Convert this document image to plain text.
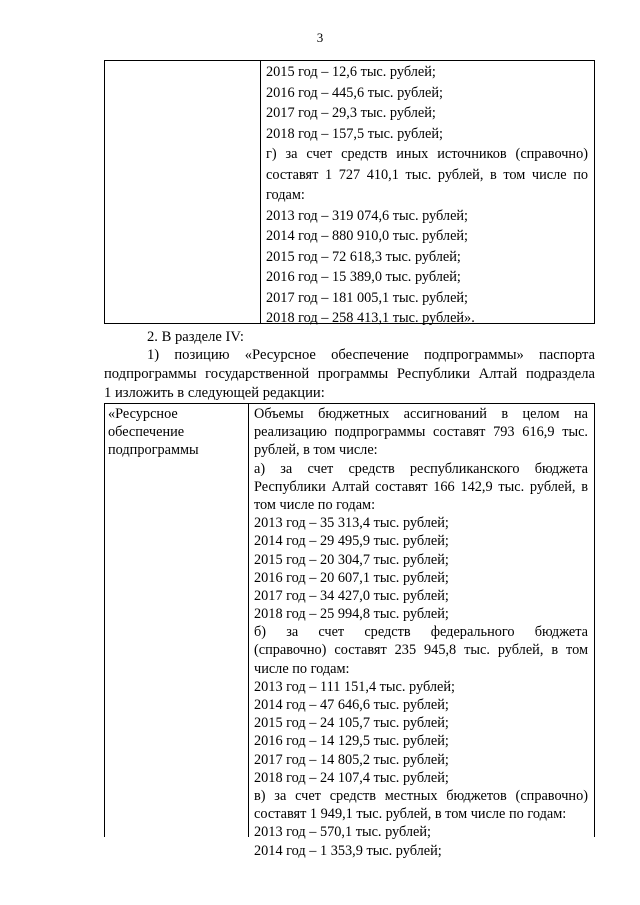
3
2015 год – 12,6 тыс. рублей;
2016 год – 445,6 тыс. рублей;
2017 год – 29,3 тыс. рублей;
2018 год – 157,5 тыс. рублей;
г) за счет средств иных источников (справочно)
составят 1 727 410,1 тыс. рублей, в том числе по
годам:
2013 год – 319 074,6 тыс. рублей;
2014 год – 880 910,0 тыс. рублей;
2015 год – 72 618,3 тыс. рублей;
2016 год – 15 389,0 тыс. рублей;
2017 год – 181 005,1 тыс. рублей;
2018 год – 258 413,1 тыс. рублей».
2. В разделе IV:
1) позицию «Ресурсное обеспечение подпрограммы» паспорта
подпрограммы государственной программы Республики Алтай подраздела
1 изложить в следующей редакции:
«Ресурсное
обеспечение
подпрограммы
Объемы бюджетных ассигнований в целом на
реализацию подпрограммы составят 793 616,9 тыс.
рублей, в том числе:
а) за счет средств республиканского бюджета
Республики Алтай составят 166 142,9 тыс. рублей, в
том числе по годам:
2013 год – 35 313,4 тыс. рублей;
2014 год – 29 495,9 тыс. рублей;
2015 год – 20 304,7 тыс. рублей;
2016 год – 20 607,1 тыс. рублей;
2017 год – 34 427,0 тыс. рублей;
2018 год – 25 994,8 тыс. рублей;
б) за счет средств федерального бюджета
(справочно) составят 235 945,8 тыс. рублей, в том
числе по годам:
2013 год – 111 151,4 тыс. рублей;
2014 год – 47 646,6 тыс. рублей;
2015 год – 24 105,7 тыс. рублей;
2016 год – 14 129,5 тыс. рублей;
2017 год – 14 805,2 тыс. рублей;
2018 год – 24 107,4 тыс. рублей;
в) за счет средств местных бюджетов (справочно)
составят 1 949,1 тыс. рублей, в том числе по годам:
2013 год – 570,1 тыс. рублей;
2014 год – 1 353,9 тыс. рублей;
